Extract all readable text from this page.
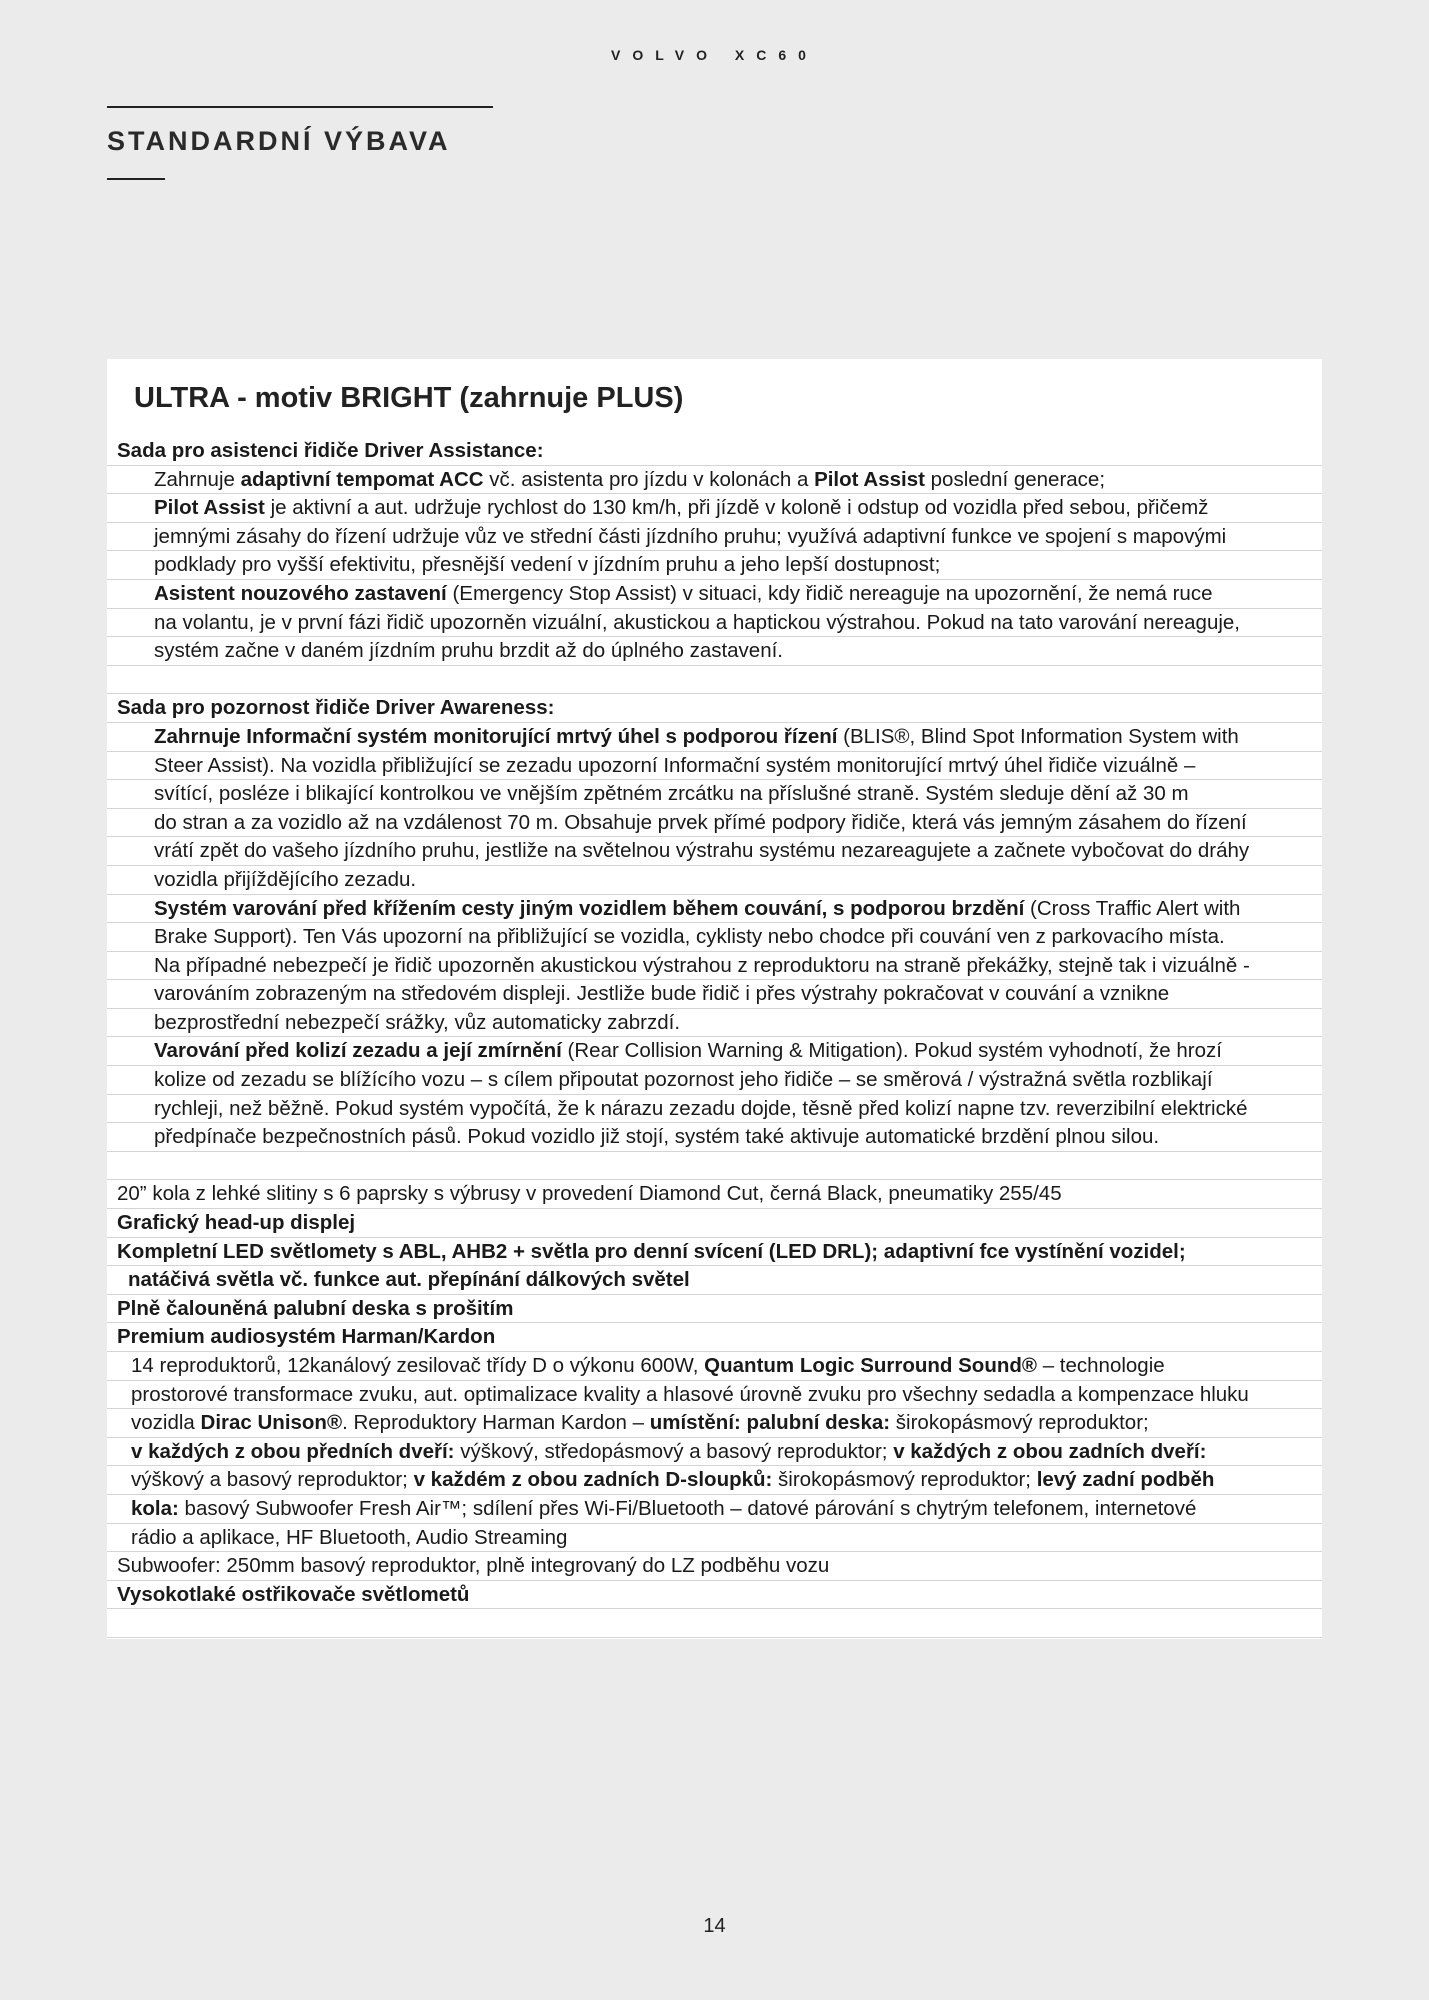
VOLVO XC60
STANDARDNÍ VÝBAVA
ULTRA - motiv BRIGHT (zahrnuje PLUS)
Sada pro asistenci řidiče Driver Assistance:
Zahrnuje adaptivní tempomat ACC vč. asistenta pro jízdu v kolonách a Pilot Assist poslední generace;
Pilot Assist je aktivní a aut. udržuje rychlost do 130 km/h, při jízdě v koloně i odstup od vozidla před sebou, přičemž
jemnými zásahy do řízení udržuje vůz ve střední části jízdního pruhu; využívá adaptivní funkce ve spojení s mapovými
podklady pro vyšší efektivitu, přesnější vedení v jízdním pruhu a jeho lepší dostupnost;
Asistent nouzového zastavení (Emergency Stop Assist) v situaci, kdy řidič nereaguje na upozornění, že nemá ruce
na volantu, je v první fázi řidič upozorněn vizuální, akustickou a haptickou výstrahou. Pokud na tato varování nereaguje,
systém začne v daném jízdním pruhu brzdit až do úplného zastavení.
Sada pro pozornost řidiče Driver Awareness:
Zahrnuje Informační systém monitorující mrtvý úhel s podporou řízení (BLIS®, Blind Spot Information System with
Steer Assist). Na vozidla přibližující se zezadu upozorní Informační systém monitorující mrtvý úhel řidiče vizuálně –
svítící, posléze i blikající kontrolkou ve vnějším zpětném zrcátku na příslušné straně. Systém sleduje dění až 30 m
do stran a za vozidlo až na vzdálenost 70 m. Obsahuje prvek přímé podpory řidiče, která vás jemným zásahem do řízení
vrátí zpět do vašeho jízdního pruhu, jestliže na světelnou výstrahu systému nezareagujete a začnete vybočovat do dráhy
vozidla přijíždějícího zezadu.
Systém varování před křížením cesty jiným vozidlem během couvání, s podporou brzdění (Cross Traffic Alert with
Brake Support). Ten Vás upozorní na přibližující se vozidla, cyklisty nebo chodce při couvání ven z parkovacího místa.
Na případné nebezpečí je řidič upozorněn akustickou výstrahou z reproduktoru na straně překážky, stejně tak i vizuálně -
varováním zobrazeným na středovém displeji. Jestliže bude řidič i přes výstrahy pokračovat v couvání a vznikne
bezprostřední nebezpečí srážky, vůz automaticky zabrzdí.
Varování před kolizí zezadu a její zmírnění (Rear Collision Warning & Mitigation). Pokud systém vyhodnotí, že hrozí
kolize od zezadu se blížícího vozu – s cílem připoutat pozornost jeho řidiče – se směrová / výstražná světla rozblikají
rychleji, než běžně. Pokud systém vypočítá, že k nárazu zezadu dojde, těsně před kolizí napne tzv. reverzibilní elektrické
předpínače bezpečnostních pásů. Pokud vozidlo již stojí, systém také aktivuje automatické brzdění plnou silou.
20” kola z lehké slitiny s 6 paprsky s výbrusy v provedení Diamond Cut, černá Black, pneumatiky 255/45
Grafický head-up displej
Kompletní LED světlomety s ABL, AHB2 + světla pro denní svícení (LED DRL); adaptivní fce vystínění vozidel;
natáčivá světla vč. funkce aut. přepínání dálkových světel
Plně čalouněná palubní deska s prošitím
Premium audiosystém Harman/Kardon
14 reproduktorů, 12kanálový zesilovač třídy D o výkonu 600W, Quantum Logic Surround Sound® – technologie
prostorové transformace zvuku, aut. optimalizace kvality a hlasové úrovně zvuku pro všechny sedadla a kompenzace hluku
vozidla Dirac Unison®. Reproduktory Harman Kardon – umístění: palubní deska: širokopásmový reproduktor;
v každých z obou předních dveří: výškový, středopásmový a basový reproduktor; v každých z obou zadních dveří:
výškový a basový reproduktor; v každém z obou zadních D-sloupků: širokopásmový reproduktor; levý zadní podběh
kola: basový Subwoofer Fresh Air™; sdílení přes Wi-Fi/Bluetooth – datové párování s chytrým telefonem, internetové
rádio a aplikace, HF Bluetooth, Audio Streaming
Subwoofer: 250mm basový reproduktor, plně integrovaný do LZ podběhu vozu
Vysokotlaké ostřikovače světlometů
14
